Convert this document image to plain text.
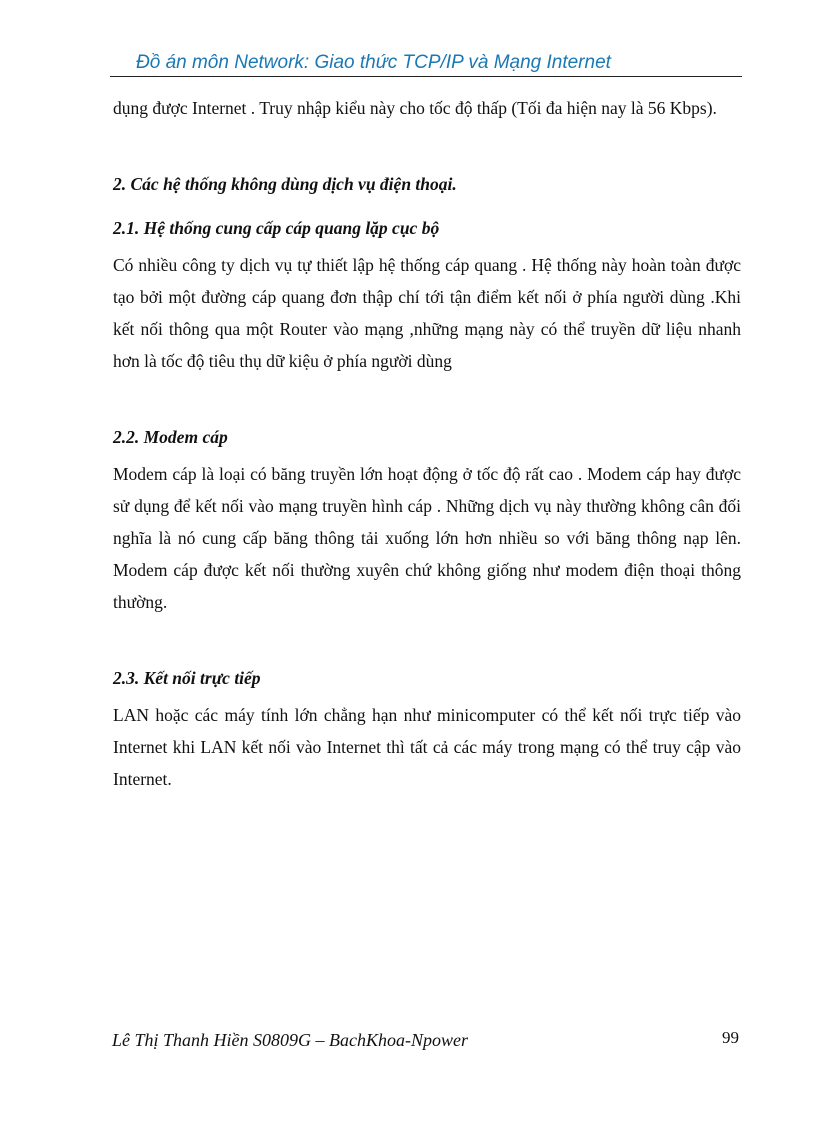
Đồ án môn Network: Giao thức TCP/IP và Mạng Internet

dụng được Internet . Truy nhập kiểu này cho tốc độ thấp (Tối đa hiện nay là 56 Kbps).

2. Các hệ thống không dùng dịch vụ điện thoại.
2.1. Hệ thống cung cấp cáp quang lặp cục bộ

Có nhiều công ty dịch vụ tự thiết lập hệ thống cáp quang . Hệ thống này hoàn toàn được tạo bởi một đường cáp quang đơn thập chí tới tận điểm kết nối ở phía người dùng .Khi kết nối thông qua một Router vào mạng ,những mạng này có thể truyền dữ liệu nhanh hơn là tốc độ tiêu thụ dữ kiệu ở phía người dùng

2.2. Modem cáp

Modem cáp là loại có băng truyền lớn hoạt động ở tốc độ rất cao . Modem cáp hay được sử dụng để kết nối vào mạng truyền hình cáp . Những dịch vụ này thường không cân đối nghĩa là nó cung cấp băng thông tải xuống lớn hơn nhiều so với băng thông nạp lên. Modem cáp được kết nối thường xuyên chứ không giống như modem điện thoại thông thường.

2.3. Kết nối trực tiếp

LAN hoặc các máy tính lớn chẳng hạn như minicomputer có thể kết nối trực tiếp vào Internet khi LAN kết nối vào Internet thì tất cả các máy trong mạng có thể truy cập vào Internet.

Lê Thị Thanh Hiền S0809G – BachKhoa-Npower	99
